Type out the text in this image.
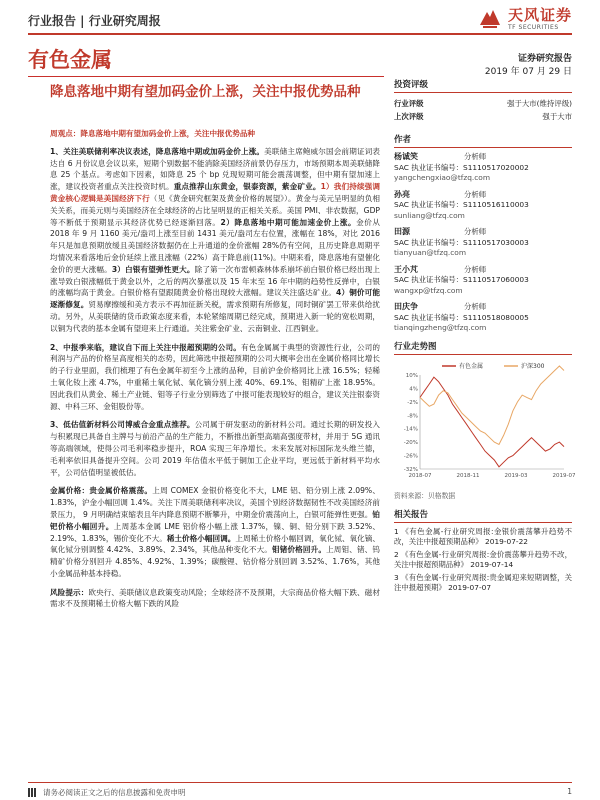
行业报告 | 行业研究周报	天风证券
TF SECURITIES
有色金属	证券研究报告
2019 年 07 月 29 日
降息落地中期有望加码金价上涨，关注中报优势品种

周观点：降息落地中期有望加码金价上涨，关注中报优势品种

1、关注美联储利率决议表述，降息落地中期或加码金价上涨。美联储主席鲍威尔国会前期证词表达自 6 月份议息会议以来，短期个别数据不能消除美国经济前景仍存压力，市场预期本周美联储降息 25 个基点。考虑如下因素，如降息 25 个 bp 兑现短期可能会震荡调整，但中期有望加速上涨，建议投资者重点关注投资时机。重点推荐山东黄金，银泰资源，紫金矿业。1）我们持续强调黄金核心逻辑是美国经济下行（见《黄金研究框架及黄金价格的展望》）。黄金与美元呈明显的负相关关系，而美元则与美国经济在全球经济的占比呈明显的正相关关系。美国 PMI、非农数据，GDP 等不断低于预期显示其经济优势已经逐渐回落。2）降息落地中期可能加速金价上涨。金价从 2018 年 9 月 1160 美元/盎司上涨至目前 1431 美元/盎司左右位置，涨幅在 18%，对比 2016 年只是加息预期放缓且美国经济数据仍在上升通道的金价涨幅 28%仍有空间，且历史降息周期平均情况来看落地后金价延续上涨且涨幅（22%）高于降息前(11%)。中期来看，降息落地有望催化金价的更大涨幅。3）白银有望弹性更大。除了第一次布雷顿森林体系崩坏前白银价格已经出现上涨导致白银涨幅低于黄金以外，之后的两次暴涨以及 15 年末至 16 年中期的趋势性反弹中，白银的涨幅均高于黄金。白银价格有望跟随黄金价格出现较大涨幅。建议关注盛达矿业。4）铜价可能逐渐修复。贸易摩擦缓和美方表示不再加征新关税，需求预期有所修复，同时铜矿罢工带来供给扰动。另外，从美联储的货币政策态度来看，本轮紧缩周期已经完成，预期进入新一轮的宽松周期，以铜为代表的基本金属有望迎来上行通道。关注紫金矿业、云南铜业、江西铜业。

2、中报季来临，建议自下而上关注中报超预期的公司。有色金属属于典型的资源性行业，公司的利润与产品的价格呈高度相关的态势，因此筛选中报超预期的公司大概率会出在金属价格同比增长的子行业里面，我们梳理了有色金属年初至今上涨的品种，目前沪金价格同比上涨 16.5%；轻稀土氧化钕上涨 4.7%，中重稀土氧化铽、氧化镝分别上涨 40%、69.1%、钼精矿上涨 18.95%。因此我们从黄金、稀土产业链、钼等子行业分别筛选了中报可能表现较好的组合，建议关注银泰资源、中科三环、金钼股份等。

3、低估值新材料公司博威合金重点推荐。公司属于研发驱动的新材料公司。通过长期的研发投入与积累现已具备自主牌号与前沿产品的生产能力，不断推出新型高端高强度带材，并用于 5G 通讯等高端领域，使得公司毛利率稳步提升，ROA 实现三年净增长。未来发展对标国际龙头维兰德，毛利率依旧具备提升空间。公司 2019 年估值水平低于铜加工企业平均，更远低于新材料平均水平，公司估值明显被低估。

金属价格：贵金属价格震荡。上周 COMEX 金银价格变化不大，LME 铝、铅分别上涨 2.09%、1.83%，沪金小幅回调 1.4%。关注下周美联储利率决议，美国个别经济数据韧性不改美国经济前景压力， 9 月明确结束缩表且年内降息预期不断攀升，中期金价震荡向上，白银可能弹性更强。铂钯价格小幅回升。上周基本金属 LME 铝价格小幅上涨 1.37%，镍、铜、铅分别下跌 3.52%、2.19%、1.83%，锡价变化不大。稀土价格小幅回调。上周稀土价格小幅回调，氧化铽、氧化镝、氧化铽分别调整 4.42%、3.89%、2.34%，其他品种变化不大。钼锗价格回升。上周钼、锗、钨精矿价格分别回升 4.85%、4.92%、1.39%；碳酸锂、钴价格分别回调 3.52%、1.76%，其他小金属品种基本持稳。

风险提示：欧央行、美联储议息政策变动风险；全球经济不及预期，大宗商品价格大幅下跌、磁材需求不及预期稀土价格大幅下跌的风险

投资评级
行业评级	强于大市(维持评级)
上次评级	强于大市
作者
杨诚笑	分析师
SAC 执业证书编号：S1110517020002
yangchengxiao@tfzq.com
孙亮	分析师
SAC 执业证书编号：S1110516110003
sunliang@tfzq.com
田源	分析师
SAC 执业证书编号：S1110517030003
tianyuan@tfzq.com
王小芃	分析师
SAC 执业证书编号：S1110517060003
wangxp@tfzq.com
田庆争	分析师
SAC 执业证书编号：S1110518080005
tianqingzheng@tfzq.com
行业走势图
10%
4%
-2%
-8%
-14%
-20%
-26%
-32%
2018-07	2018-11	2019-03	2019-07
有色金属	沪深300
资料来源：贝格数据
相关报告
1 《有色金属-行业研究周报:金银价震荡攀升趋势不改，关注中报超预期品种》 2019-07-22
2 《有色金属-行业研究周报:金价震荡攀升趋势不改，关注中报超预期品种》 2019-07-14
3 《有色金属-行业研究周报:贵金属迎来短期调整，关注中报超预期》 2019-07-07
请务必阅读正文之后的信息披露和免责申明	1
